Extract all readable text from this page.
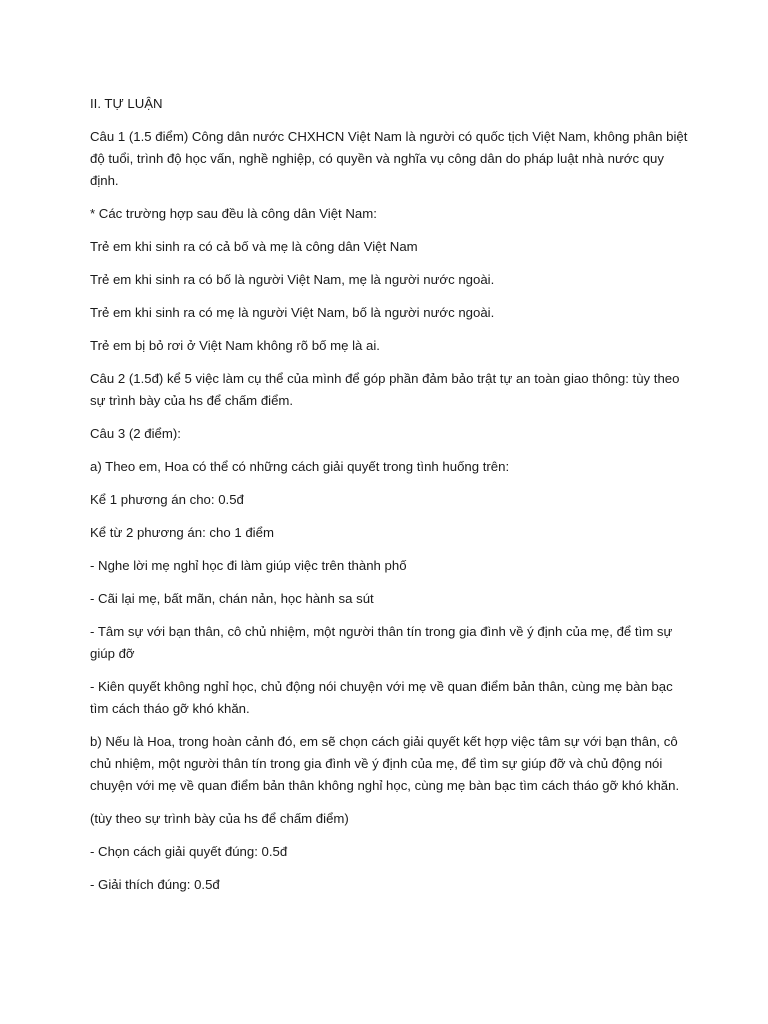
II. TỰ LUẬN

Câu 1 (1.5 điểm) Công dân nước CHXHCN Việt Nam là người có quốc tịch Việt Nam, không phân biệt độ tuổi, trình độ học vấn, nghề nghiệp, có quyền và nghĩa vụ công dân do pháp luật nhà nước quy định.

* Các trường hợp sau đều là công dân Việt Nam:

Trẻ em khi sinh ra có cả bố và mẹ là công dân Việt Nam

Trẻ em khi sinh ra có bố là người Việt Nam, mẹ là người nước ngoài.

Trẻ em khi sinh ra có mẹ là người Việt Nam, bố là người nước ngoài.

Trẻ em bị bỏ rơi ở Việt Nam không rõ bố mẹ là ai.

Câu 2 (1.5đ) kể 5 việc làm cụ thể của mình để góp phần đảm bảo trật tự an toàn giao thông: tùy theo sự trình bày của hs để chấm điểm.

Câu 3 (2 điểm):

a) Theo em, Hoa có thể có những cách giải quyết trong tình huống trên:

Kể 1 phương án cho: 0.5đ

Kể từ 2 phương án: cho 1 điểm

- Nghe lời mẹ nghỉ học đi làm giúp việc trên thành phố

- Cãi lại mẹ, bất mãn, chán nản, học hành sa sút

- Tâm sự với bạn thân, cô chủ nhiệm, một người thân tín trong gia đình về ý định của mẹ, để tìm sự giúp đỡ

- Kiên quyết không nghỉ học, chủ động nói chuyện với mẹ về quan điểm bản thân, cùng mẹ bàn bạc tìm cách tháo gỡ khó khăn.

b) Nếu là Hoa, trong hoàn cảnh đó, em sẽ chọn cách giải quyết kết hợp việc tâm sự với bạn thân, cô chủ nhiệm, một người thân tín trong gia đình về ý định của mẹ, để tìm sự giúp đỡ và chủ động nói chuyện với mẹ về quan điểm bản thân không nghỉ học, cùng mẹ bàn bạc tìm cách tháo gỡ khó khăn.

(tùy theo sự trình bày của hs để chấm điểm)

- Chọn cách giải quyết đúng: 0.5đ

- Giải thích đúng: 0.5đ
